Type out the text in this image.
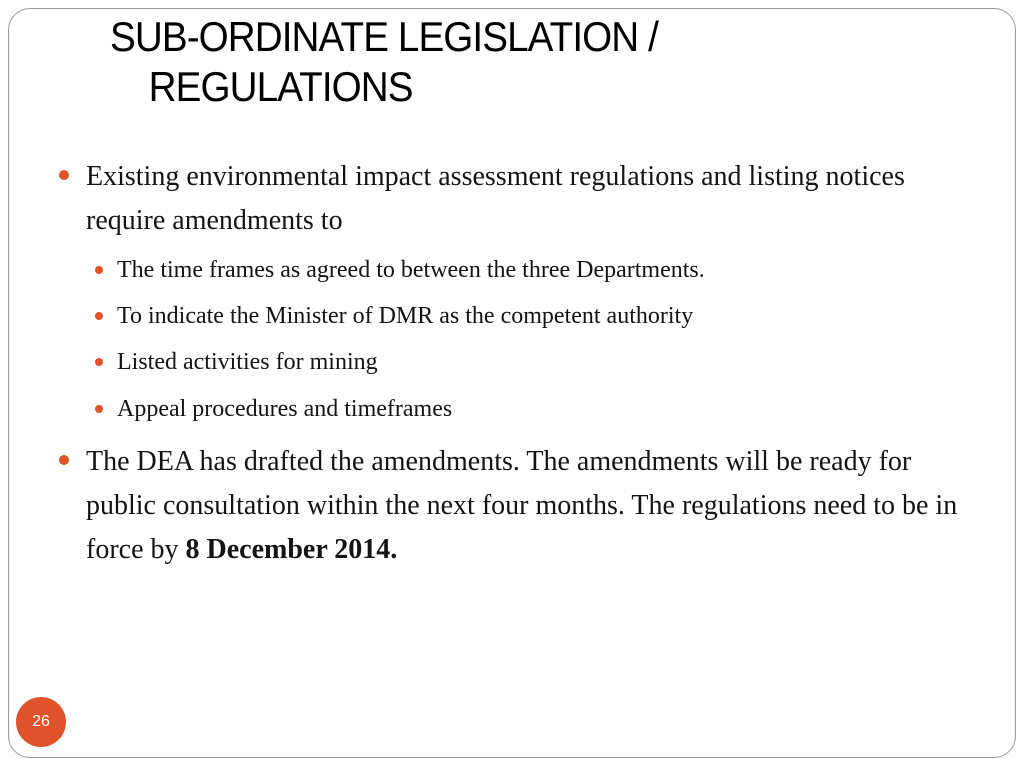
SUB-ORDINATE LEGISLATION /
REGULATIONS
Existing environmental impact assessment regulations and listing notices require amendments to
The time frames as agreed to between the three Departments.
To indicate the Minister of DMR as the competent authority
Listed activities for mining
Appeal procedures and timeframes
The DEA has drafted the amendments. The amendments will be ready for public consultation within the next four months. The regulations need to be in force by 8 December 2014.
26
